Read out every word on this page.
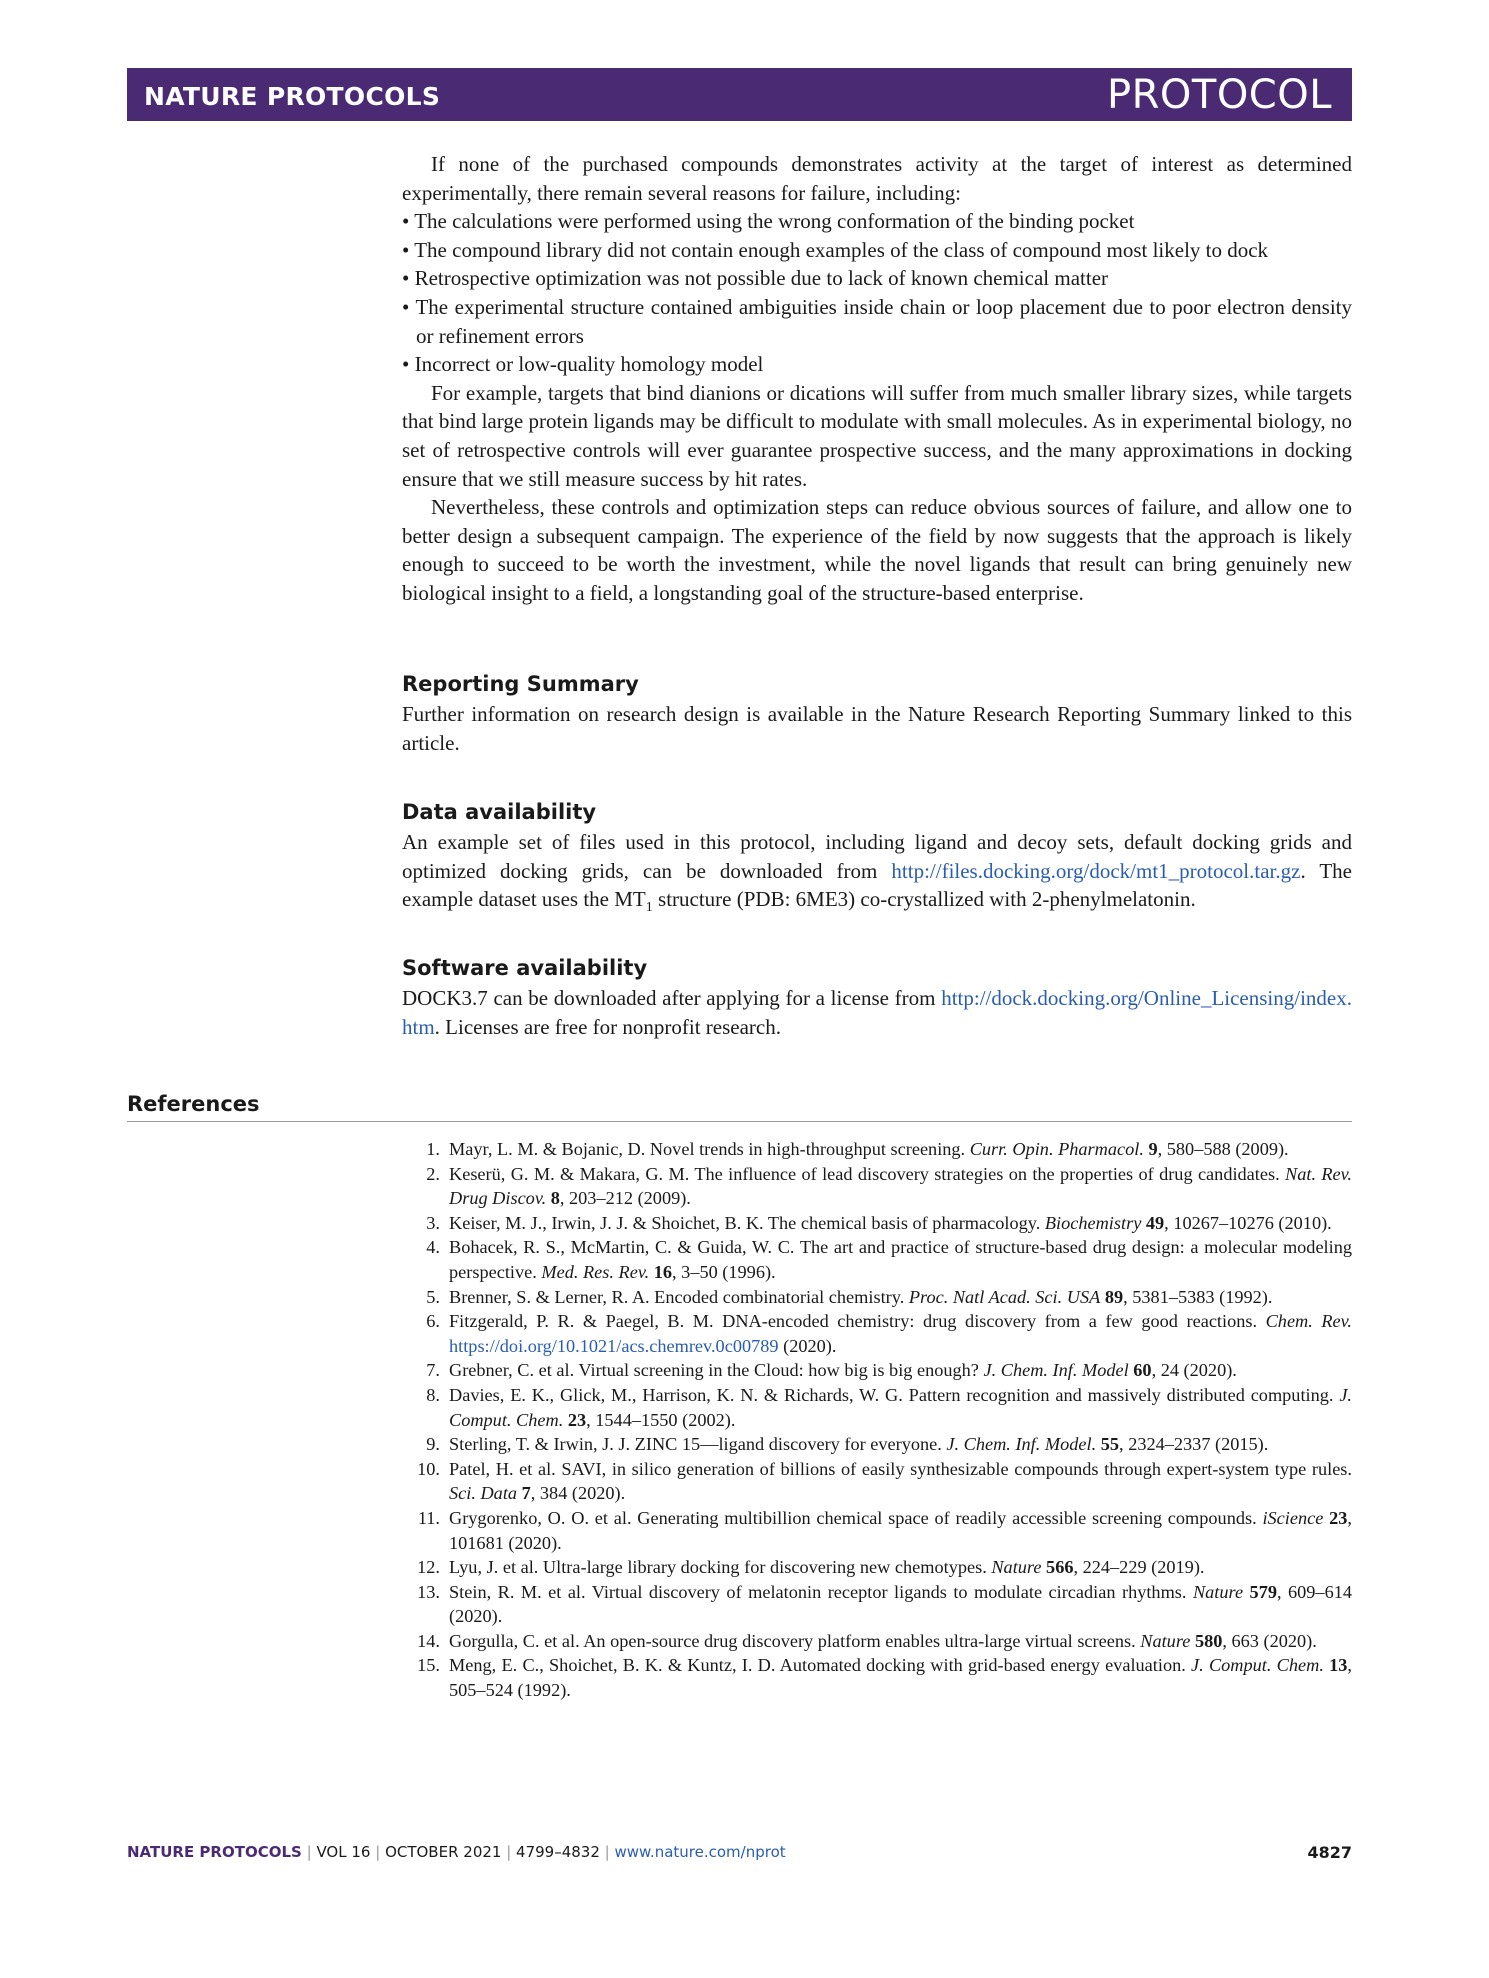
NATURE PROTOCOLS	PROTOCOL

If none of the purchased compounds demonstrates activity at the target of interest as determined experimentally, there remain several reasons for failure, including:

• The calculations were performed using the wrong conformation of the binding pocket

• The compound library did not contain enough examples of the class of compound most likely to dock

• Retrospective optimization was not possible due to lack of known chemical matter

• The experimental structure contained ambiguities inside chain or loop placement due to poor electron density or refinement errors

• Incorrect or low-quality homology model

For example, targets that bind dianions or dications will suffer from much smaller library sizes, while targets that bind large protein ligands may be difficult to modulate with small molecules. As in experimental biology, no set of retrospective controls will ever guarantee prospective success, and the many approximations in docking ensure that we still measure success by hit rates.

Nevertheless, these controls and optimization steps can reduce obvious sources of failure, and allow one to better design a subsequent campaign. The experience of the field by now suggests that the approach is likely enough to succeed to be worth the investment, while the novel ligands that result can bring genuinely new biological insight to a field, a longstanding goal of the structure-based enterprise.

Reporting Summary

Further information on research design is available in the Nature Research Reporting Summary linked to this article.

Data availability

An example set of files used in this protocol, including ligand and decoy sets, default docking grids and optimized docking grids, can be downloaded from http://files.docking.org/dock/mt1_protocol.tar.gz. The example dataset uses the $MT_1$ structure (PDB: 6ME3) co-crystallized with 2-phenylmelatonin.

Software availability

DOCK3.7 can be downloaded after applying for a license from http://dock.docking.org/Online_Licensing/index.htm. Licenses are free for nonprofit research.

References
1. Mayr, L. M. & Bojanic, D. Novel trends in high-throughput screening. Curr. Opin. Pharmacol. 9, 580–588 (2009).
2. Keserü, G. M. & Makara, G. M. The influence of lead discovery strategies on the properties of drug candidates. Nat. Rev. Drug Discov. 8, 203–212 (2009).
3. Keiser, M. J., Irwin, J. J. & Shoichet, B. K. The chemical basis of pharmacology. Biochemistry 49, 10267–10276 (2010).
4. Bohacek, R. S., McMartin, C. & Guida, W. C. The art and practice of structure-based drug design: a molecular modeling perspective. Med. Res. Rev. 16, 3–50 (1996).
5. Brenner, S. & Lerner, R. A. Encoded combinatorial chemistry. Proc. Natl Acad. Sci. USA 89, 5381–5383 (1992).
6. Fitzgerald, P. R. & Paegel, B. M. DNA-encoded chemistry: drug discovery from a few good reactions. Chem. Rev. https://doi.org/10.1021/acs.chemrev.0c00789 (2020).
7. Grebner, C. et al. Virtual screening in the Cloud: how big is big enough? J. Chem. Inf. Model 60, 24 (2020).
8. Davies, E. K., Glick, M., Harrison, K. N. & Richards, W. G. Pattern recognition and massively distributed computing. J. Comput. Chem. 23, 1544–1550 (2002).
9. Sterling, T. & Irwin, J. J. ZINC 15—ligand discovery for everyone. J. Chem. Inf. Model. 55, 2324–2337 (2015).
10. Patel, H. et al. SAVI, in silico generation of billions of easily synthesizable compounds through expert-system type rules. Sci. Data 7, 384 (2020).
11. Grygorenko, O. O. et al. Generating multibillion chemical space of readily accessible screening compounds. iScience 23, 101681 (2020).
12. Lyu, J. et al. Ultra-large library docking for discovering new chemotypes. Nature 566, 224–229 (2019).
13. Stein, R. M. et al. Virtual discovery of melatonin receptor ligands to modulate circadian rhythms. Nature 579, 609–614 (2020).
14. Gorgulla, C. et al. An open-source drug discovery platform enables ultra-large virtual screens. Nature 580, 663 (2020).
15. Meng, E. C., Shoichet, B. K. & Kuntz, I. D. Automated docking with grid-based energy evaluation. J. Comput. Chem. 13, 505–524 (1992).
NATURE PROTOCOLS | VOL 16 | OCTOBER 2021 | 4799–4832 | www.nature.com/nprot	4827
